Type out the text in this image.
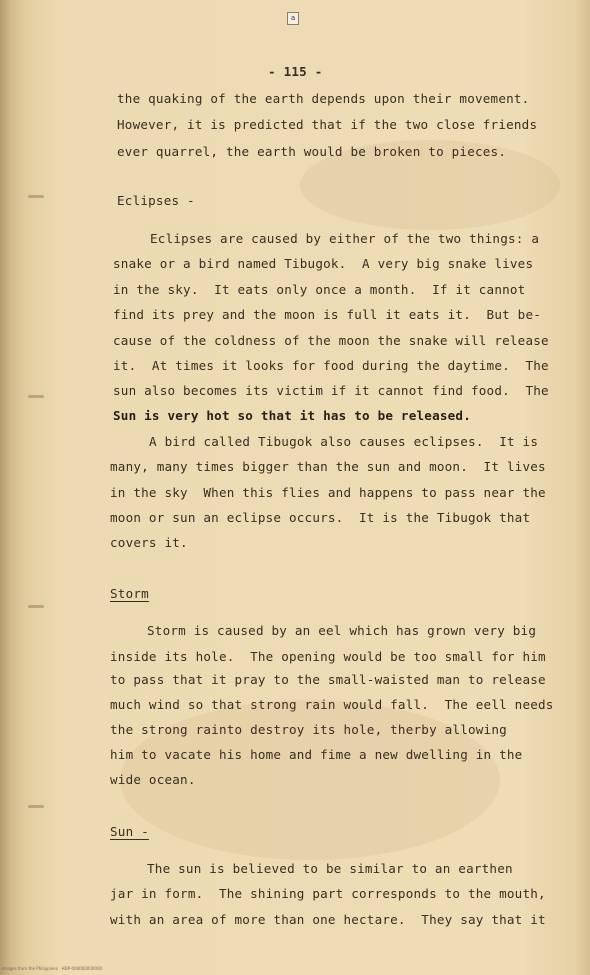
a
- 115 -
the quaking of the earth depends upon their movement.
However, it is predicted that if the two close friends
ever quarrel, the earth would be broken to pieces.
Eclipses -
Eclipses are caused by either of the two things: a
snake or a bird named Tibugok.  A very big snake lives
in the sky.  It eats only once a month.  If it cannot
find its prey and the moon is full it eats it.  But be-
cause of the coldness of the moon the snake will release
it.  At times it looks for food during the daytime.  The
sun also becomes its victim if it cannot find food.  The
Sun is very hot so that it has to be released.
A bird called Tibugok also causes eclipses.  It is
many, many times bigger than the sun and moon.  It lives
in the sky  When this flies and happens to pass near the
moon or sun an eclipse occurs.  It is the Tibugok that
covers it.
Storm
Storm is caused by an eel which has grown very big
inside its hole.  The opening would be too small for him
to pass that it pray to the small-waisted man to release
much wind so that strong rain would fall.  The eell needs
the strong rainto destroy its hole, therby allowing
him to vacate his home and fime a new dwelling in the
wide ocean.
Sun -
The sun is believed to be similar to an earthen
jar in form.  The shining part corresponds to the mouth,
with an area of more than one hectare.  They say that it
Images from the Philippines   HDP-000000000000
